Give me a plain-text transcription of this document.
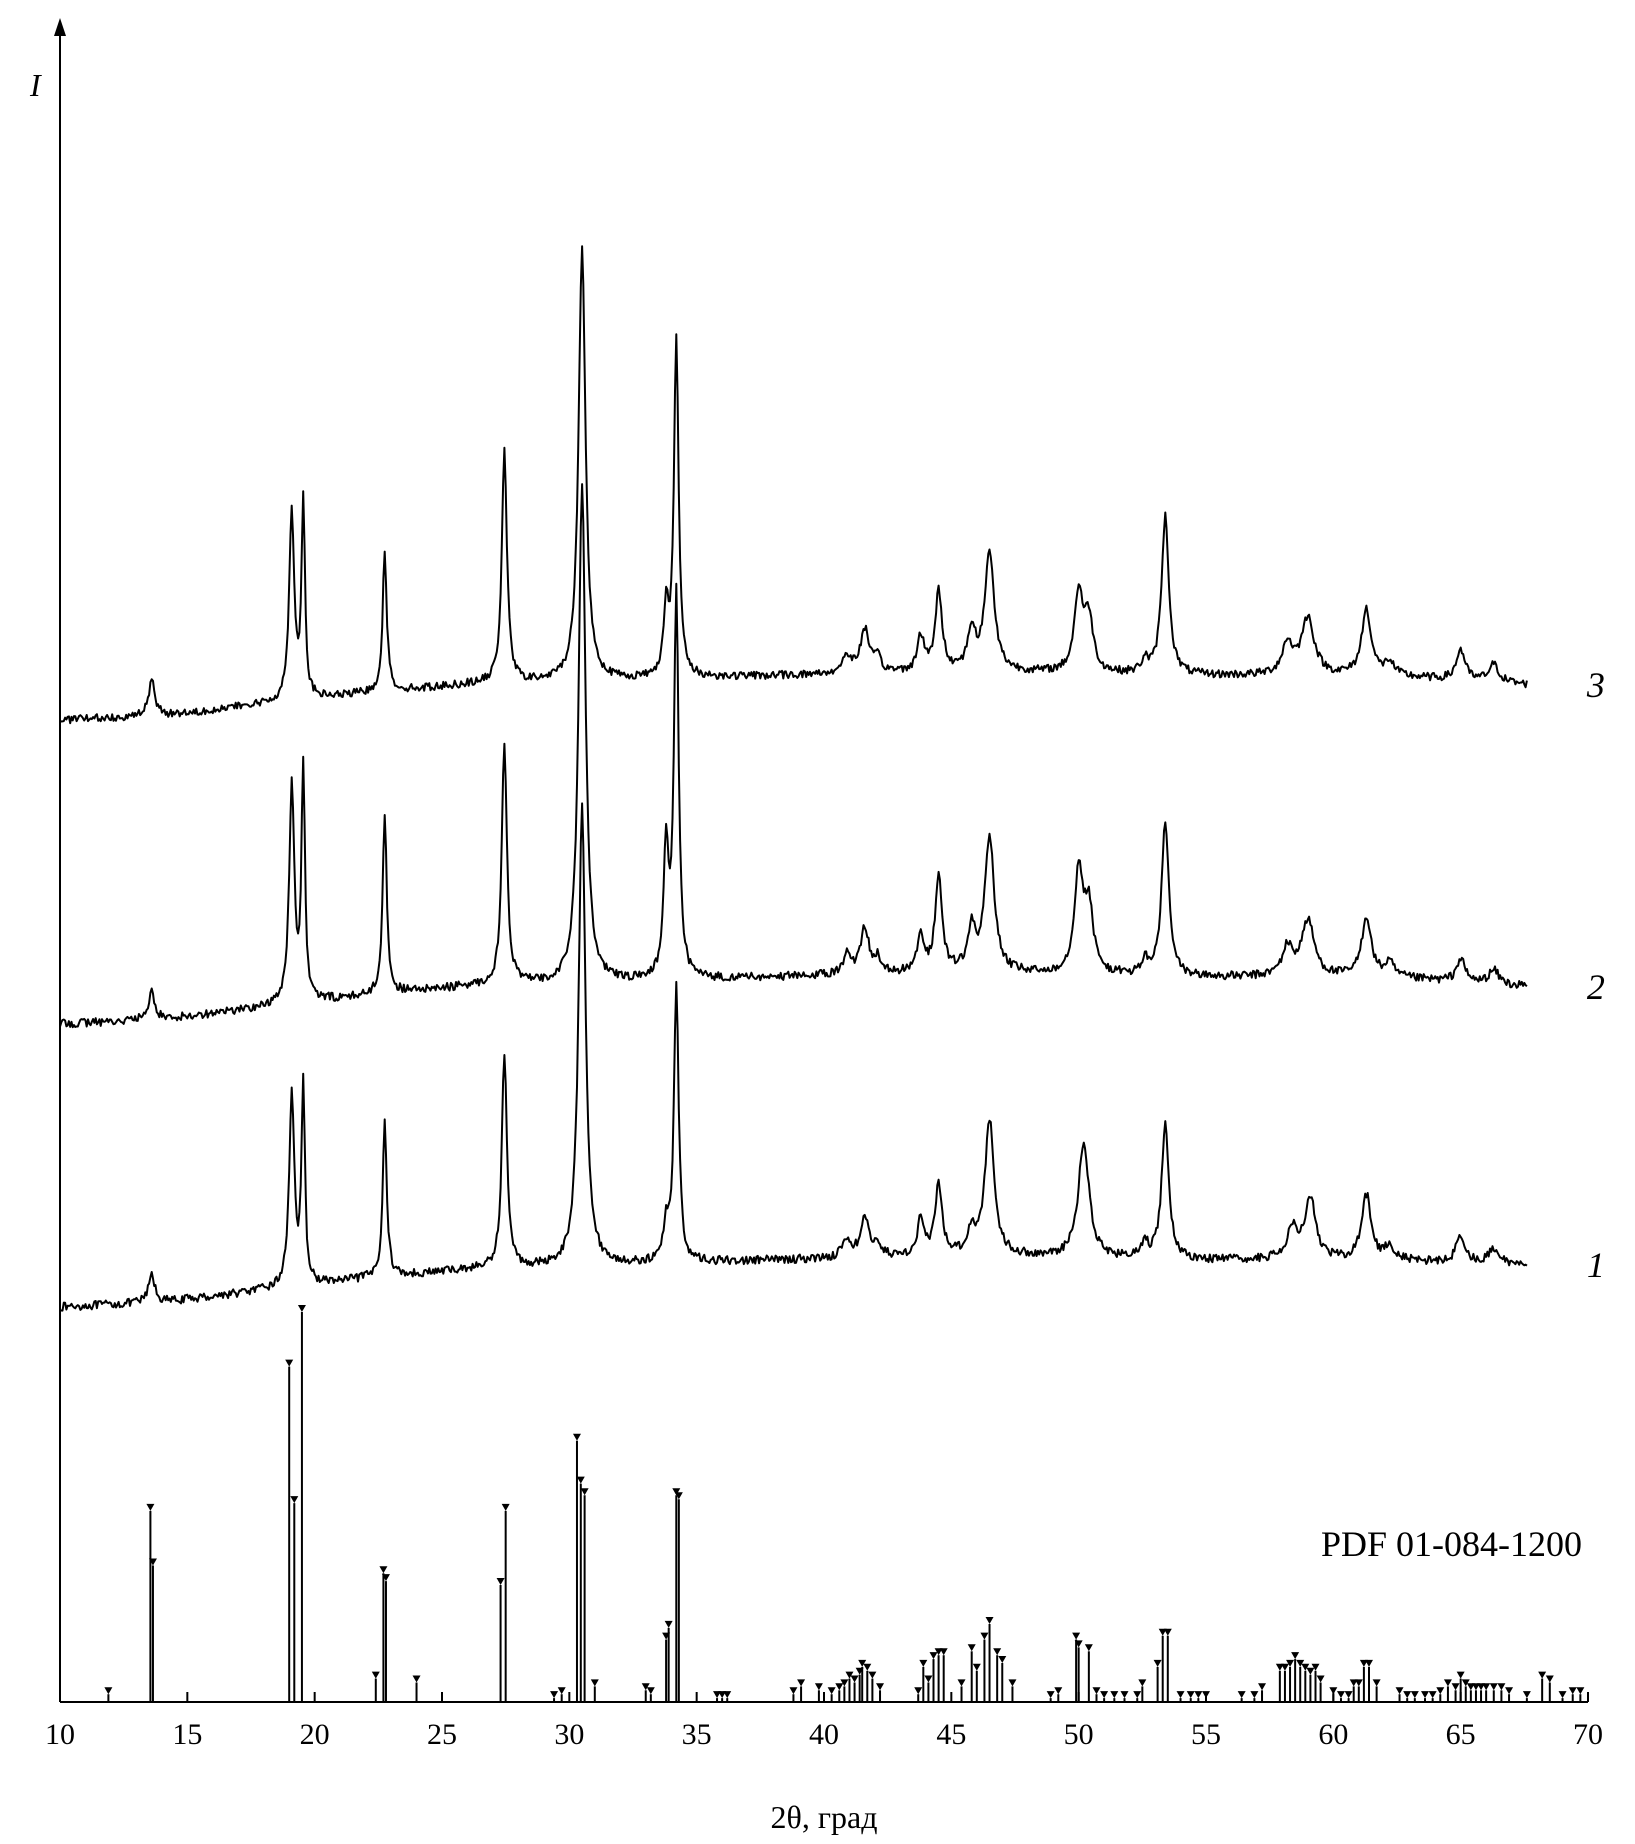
I
2θ, град
10	15	20	25	30	35	40	45	50	55	60	65	70
1
2
3
PDF 01-084-1200
